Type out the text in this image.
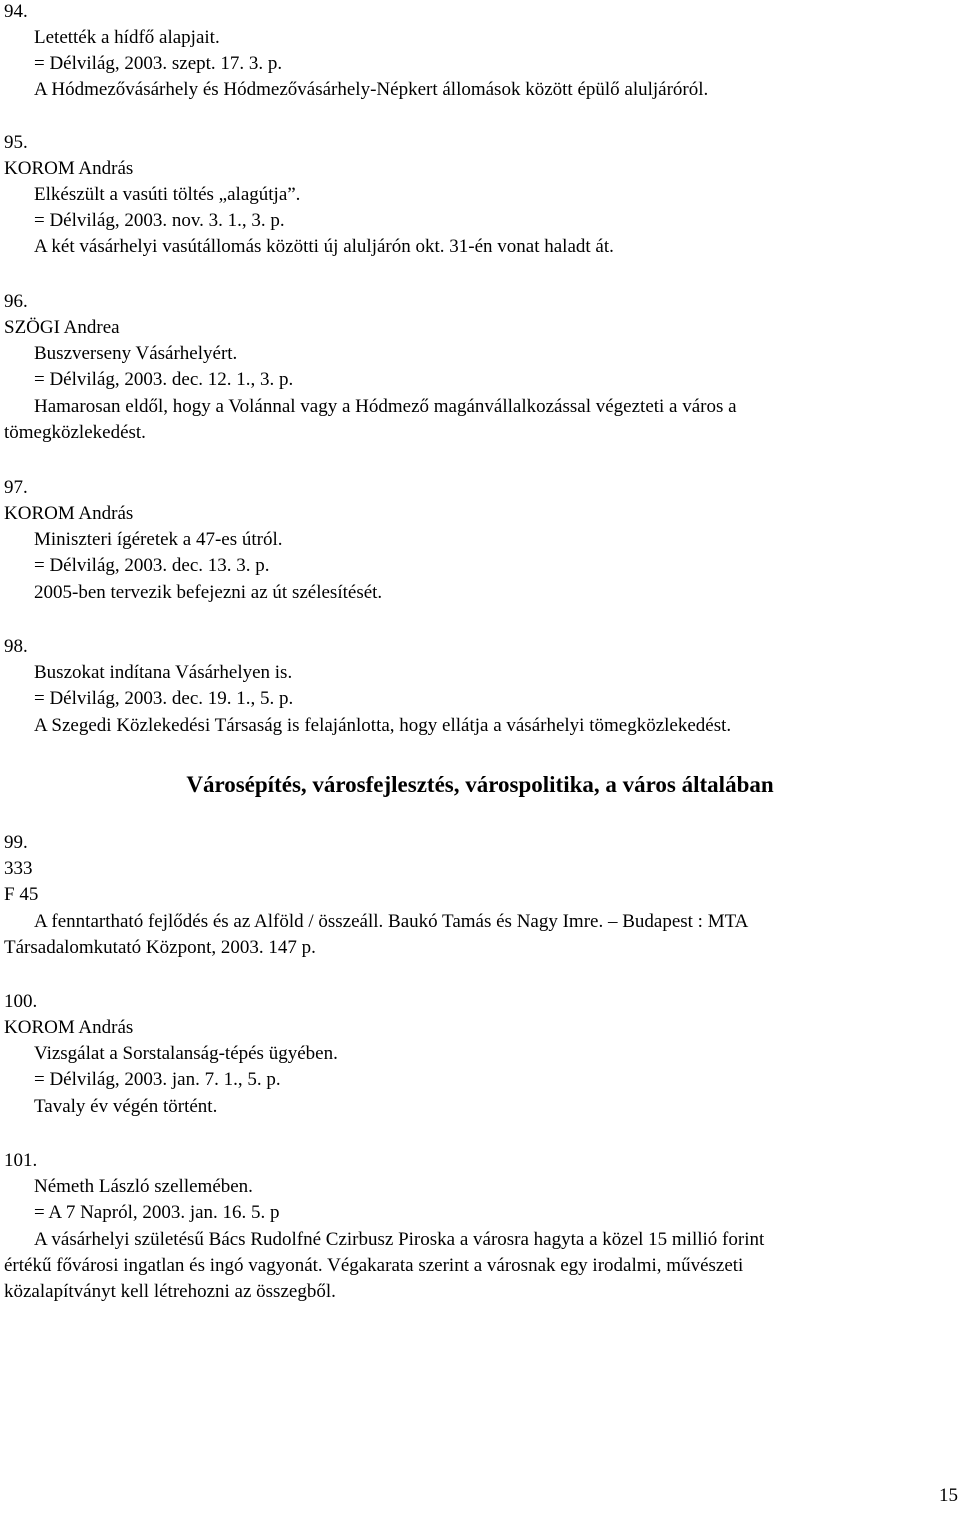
94.
Letették a hídfő alapjait.
= Délvilág, 2003. szept. 17. 3. p.
A Hódmezővásárhely és Hódmezővásárhely-Népkert állomások között épülő aluljáróról.
95.
KOROM András
Elkészült a vasúti töltés „alagútja”.
= Délvilág, 2003. nov. 3. 1., 3. p.
A két vásárhelyi vasútállomás közötti új aluljárón okt. 31-én vonat haladt át.
96.
SZÖGI Andrea
Buszverseny Vásárhelyért.
= Délvilág, 2003. dec. 12. 1., 3. p.
Hamarosan eldől, hogy a Volánnal vagy a Hódmező magánvállalkozással végezteti a város a
tömegközlekedést.
97.
KOROM András
Miniszteri ígéretek a 47-es útról.
= Délvilág, 2003. dec. 13. 3. p.
2005-ben tervezik befejezni az út szélesítését.
98.
Buszokat indítana Vásárhelyen is.
= Délvilág, 2003. dec. 19. 1., 5. p.
A Szegedi Közlekedési Társaság is felajánlotta, hogy ellátja a vásárhelyi tömegközlekedést.
Városépítés, városfejlesztés, várospolitika, a város általában
99.
333
F 45
A fenntartható fejlődés és az Alföld / összeáll. Baukó Tamás és Nagy Imre. – Budapest : MTA
Társadalomkutató Központ, 2003. 147 p.
100.
KOROM András
Vizsgálat a Sorstalanság-tépés ügyében.
= Délvilág, 2003. jan. 7. 1., 5. p.
Tavaly év végén történt.
101.
Németh László szellemében.
= A 7 Napról, 2003. jan. 16. 5. p
A vásárhelyi születésű Bács Rudolfné Czirbusz Piroska a városra hagyta a közel 15 millió forint
értékű fővárosi ingatlan és ingó vagyonát. Végakarata szerint a városnak egy irodalmi, művészeti
közalapítványt kell létrehozni az összegből.
15
